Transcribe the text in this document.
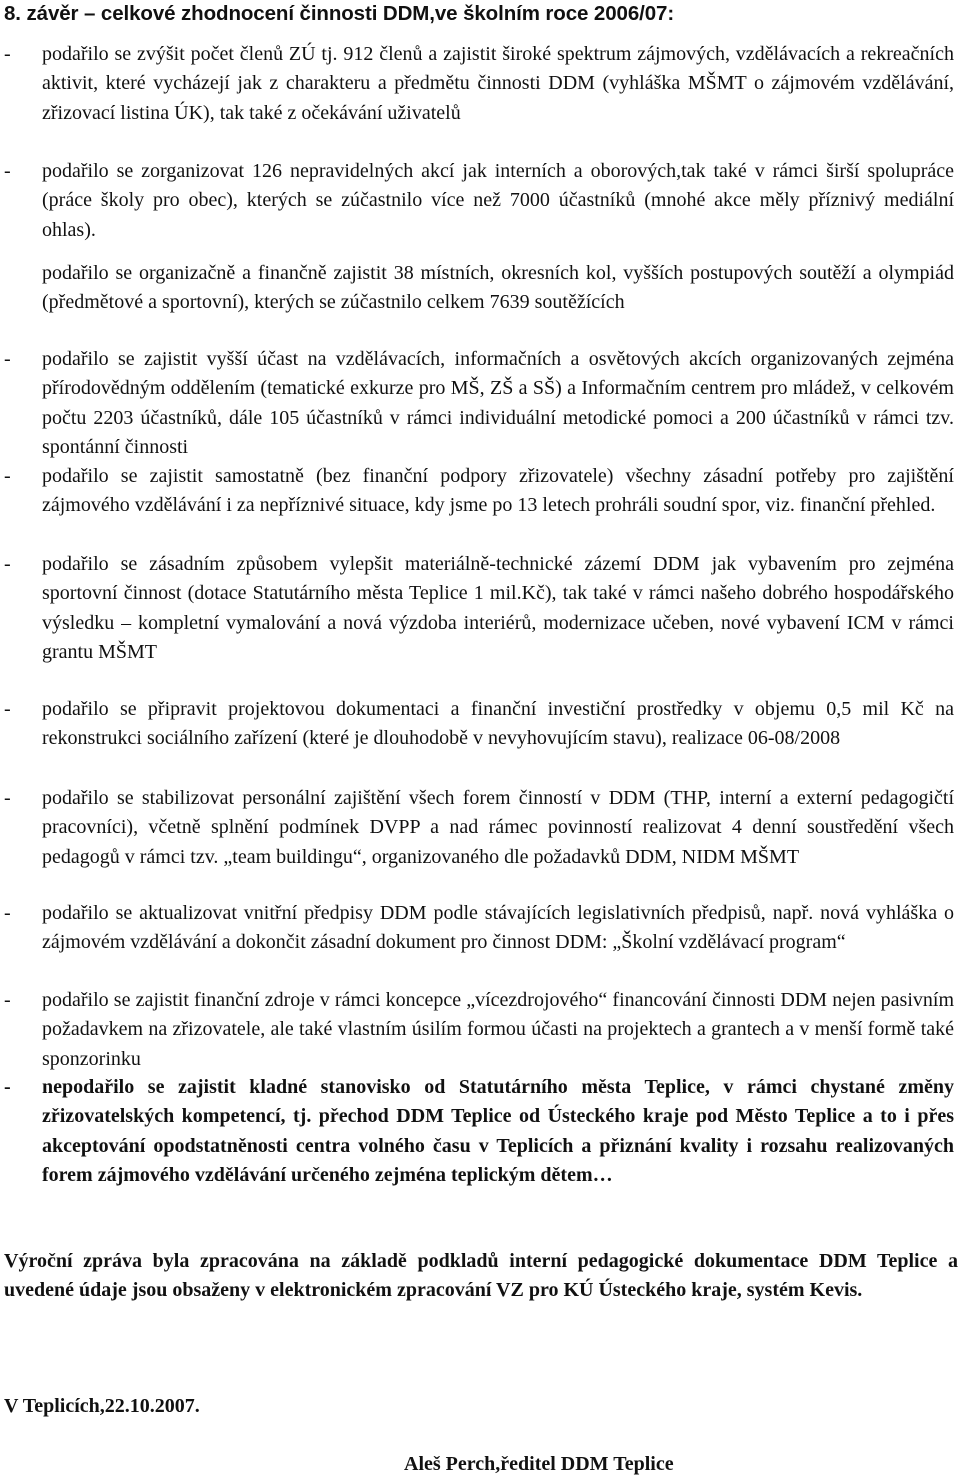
8. závěr – celkové zhodnocení činnosti DDM,ve školním roce 2006/07:
- podařilo se zvýšit počet členů ZÚ tj. 912 členů a zajistit široké spektrum zájmových, vzdělávacích a rekreačních aktivit, které vycházejí jak z charakteru a předmětu činnosti DDM (vyhláška MŠMT o zájmovém vzdělávání, zřizovací listina ÚK), tak také z očekávání uživatelů
- podařilo se zorganizovat 126 nepravidelných akcí jak interních a oborových,tak také v rámci širší spolupráce (práce školy pro obec), kterých se zúčastnilo více než 7000 účastníků (mnohé akce měly příznivý mediální ohlas).
podařilo se organizačně a finančně zajistit 38 místních, okresních kol, vyšších postupových soutěží a olympiád (předmětové a sportovní), kterých se zúčastnilo celkem 7639 soutěžících
- podařilo se zajistit vyšší účast na vzdělávacích, informačních a osvětových akcích organizovaných zejména přírodovědným oddělením (tematické exkurze pro MŠ, ZŠ a SŠ) a Informačním centrem pro mládež, v celkovém počtu 2203 účastníků, dále 105 účastníků v rámci individuální metodické pomoci a 200 účastníků v rámci tzv. spontánní činnosti
- podařilo se zajistit samostatně (bez finanční podpory zřizovatele) všechny zásadní potřeby pro zajištění zájmového vzdělávání i za nepříznivé situace, kdy jsme po 13 letech prohráli soudní spor, viz. finanční přehled.
- podařilo se zásadním způsobem vylepšit materiálně-technické zázemí DDM jak vybavením pro zejména sportovní činnost (dotace Statutárního města Teplice 1 mil.Kč), tak také v rámci našeho dobrého hospodářského výsledku – kompletní vymalování a nová výzdoba interiérů, modernizace učeben, nové vybavení ICM v rámci grantu MŠMT
- podařilo se připravit projektovou dokumentaci a finanční investiční prostředky v objemu 0,5 mil Kč na rekonstrukci sociálního zařízení (které je dlouhodobě v nevyhovujícím stavu), realizace 06-08/2008
- podařilo se stabilizovat personální zajištění všech forem činností v DDM (THP, interní a externí pedagogičtí pracovníci), včetně splnění podmínek DVPP a nad rámec povinností realizovat 4 denní soustředění všech pedagogů v rámci tzv. „team buildingu“, organizovaného dle požadavků DDM, NIDM MŠMT
- podařilo se aktualizovat vnitřní předpisy DDM podle stávajících legislativních předpisů, např. nová vyhláška o zájmovém vzdělávání a dokončit zásadní dokument pro činnost DDM: „Školní vzdělávací program“
- podařilo se zajistit finanční zdroje v rámci koncepce „vícezdrojového“ financování činnosti DDM nejen pasivním požadavkem na zřizovatele, ale také vlastním úsilím formou účasti na projektech a grantech a v menší formě také sponzorinku
- nepodařilo se zajistit kladné stanovisko od Statutárního města Teplice, v rámci chystané změny zřizovatelských kompetencí, tj. přechod DDM Teplice od Ústeckého kraje pod Město Teplice a to i přes akceptování opodstatněnosti centra volného času v Teplicích a přiznání kvality i rozsahu realizovaných forem zájmového vzdělávání určeného zejména teplickým dětem…
Výroční zpráva byla zpracována na základě podkladů interní pedagogické dokumentace DDM Teplice a uvedené údaje jsou obsaženy v elektronickém zpracování VZ pro KÚ Ústeckého kraje, systém Kevis.
V Teplicích,22.10.2007.
Aleš Perch,ředitel DDM Teplice
